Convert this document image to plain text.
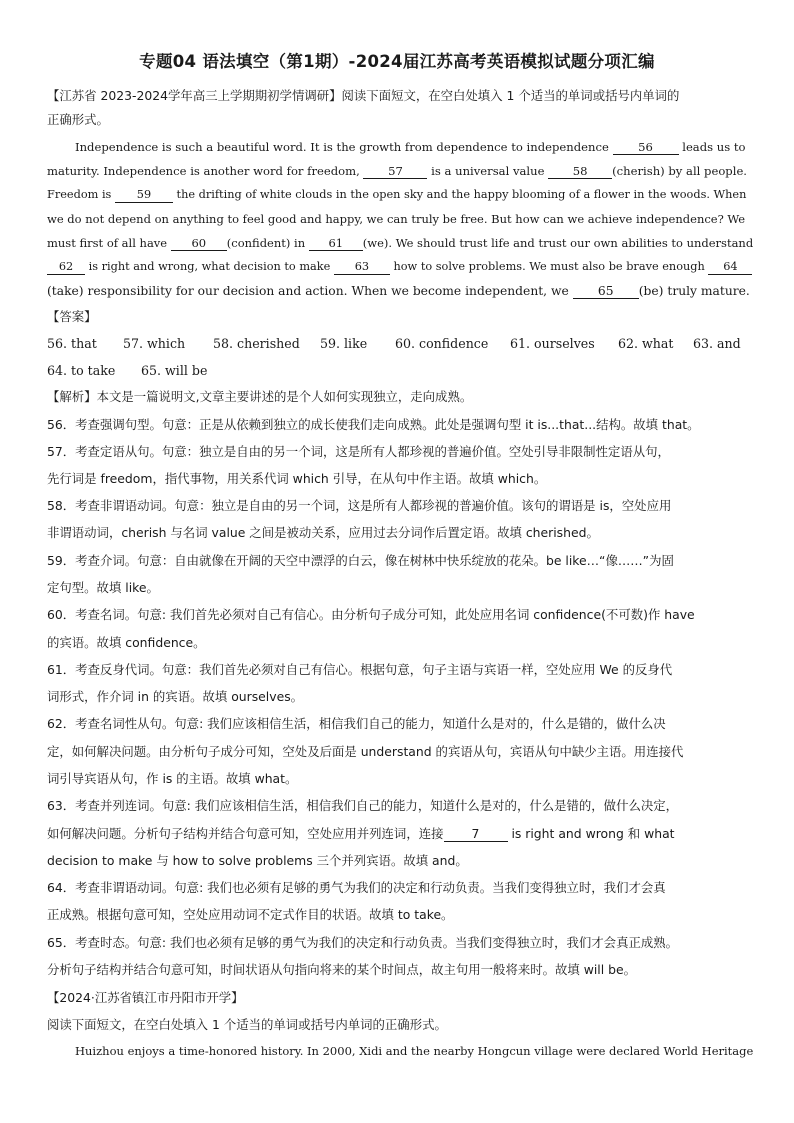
专题04 语法填空（第1期）-2024届江苏高考英语模拟试题分项汇编
【江苏省 2023-2024学年高三上学期期初学情调研】阅读下面短文，在空白处填入 1 个适当的单词或括号内单词的
正确形式。
Independence is such a beautiful word. It is the growth from dependence to independence 56 leads us to
maturity. Independence is another word for freedom, 57 is a universal value 58 (cherish) by all people.
Freedom is 59 the drifting of white clouds in the open sky and the happy blooming of a flower in the woods. When
we do not depend on anything to feel good and happy, we can truly be free. But how can we achieve independence? We
must first of all have 60 (confident) in 61 (we). We should trust life and trust our own abilities to understand
62 is right and wrong, what decision to make 63 how to solve problems. We must also be brave enough 64
(take) responsibility for our decision and action. When we become independent, we 65 (be) truly mature.
【答案】
56. that 57. which 58. cherished 59. like 60. confidence 61. ourselves 62. what 63. and
64. to take 65. will be
【解析】本文是一篇说明文,文章主要讲述的是个人如何实现独立，走向成熟。
56．考查强调句型。句意：正是从依赖到独立的成长使我们走向成熟。此处是强调句型 it is...that...结构。故填 that。
57．考查定语从句。句意：独立是自由的另一个词，这是所有人都珍视的普遍价值。空处引导非限制性定语从句，
先行词是 freedom，指代事物，用关系代词 which 引导，在从句中作主语。故填 which。
58．考查非谓语动词。句意：独立是自由的另一个词，这是所有人都珍视的普遍价值。该句的谓语是 is，空处应用
非谓语动词，cherish 与名词 value 之间是被动关系，应用过去分词作后置定语。故填 cherished。
59．考查介词。句意：自由就像在开阔的天空中漂浮的白云，像在树林中快乐绽放的花朵。be like…“像……”为固
定句型。故填 like。
60．考查名词。句意: 我们首先必须对自己有信心。由分析句子成分可知，此处应用名词 confidence(不可数)作 have
的宾语。故填 confidence。
61．考查反身代词。句意：我们首先必须对自己有信心。根据句意，句子主语与宾语一样，空处应用 We 的反身代
词形式，作介词 in 的宾语。故填 ourselves。
62．考查名词性从句。句意: 我们应该相信生活，相信我们自己的能力，知道什么是对的，什么是错的，做什么决
定，如何解决问题。由分析句子成分可知，空处及后面是 understand 的宾语从句，宾语从句中缺少主语。用连接代
词引导宾语从句，作 is 的主语。故填 what。
63．考查并列连词。句意: 我们应该相信生活，相信我们自己的能力，知道什么是对的，什么是错的，做什么决定，
如何解决问题。分析句子结构并结合句意可知，空处应用并列连词，连接 7 is right and wrong 和 what
decision to make 与 how to solve problems 三个并列宾语。故填 and。
64．考查非谓语动词。句意: 我们也必须有足够的勇气为我们的决定和行动负责。当我们变得独立时，我们才会真
正成熟。根据句意可知，空处应用动词不定式作目的状语。故填 to take。
65．考查时态。句意: 我们也必须有足够的勇气为我们的决定和行动负责。当我们变得独立时，我们才会真正成熟。
分析句子结构并结合句意可知，时间状语从句指向将来的某个时间点，故主句用一般将来时。故填 will be。
【2024·江苏省镇江市丹阳市开学】
阅读下面短文，在空白处填入 1 个适当的单词或括号内单词的正确形式。
Huizhou enjoys a time-honored history. In 2000, Xidi and the nearby Hongcun village were declared World Heritage
